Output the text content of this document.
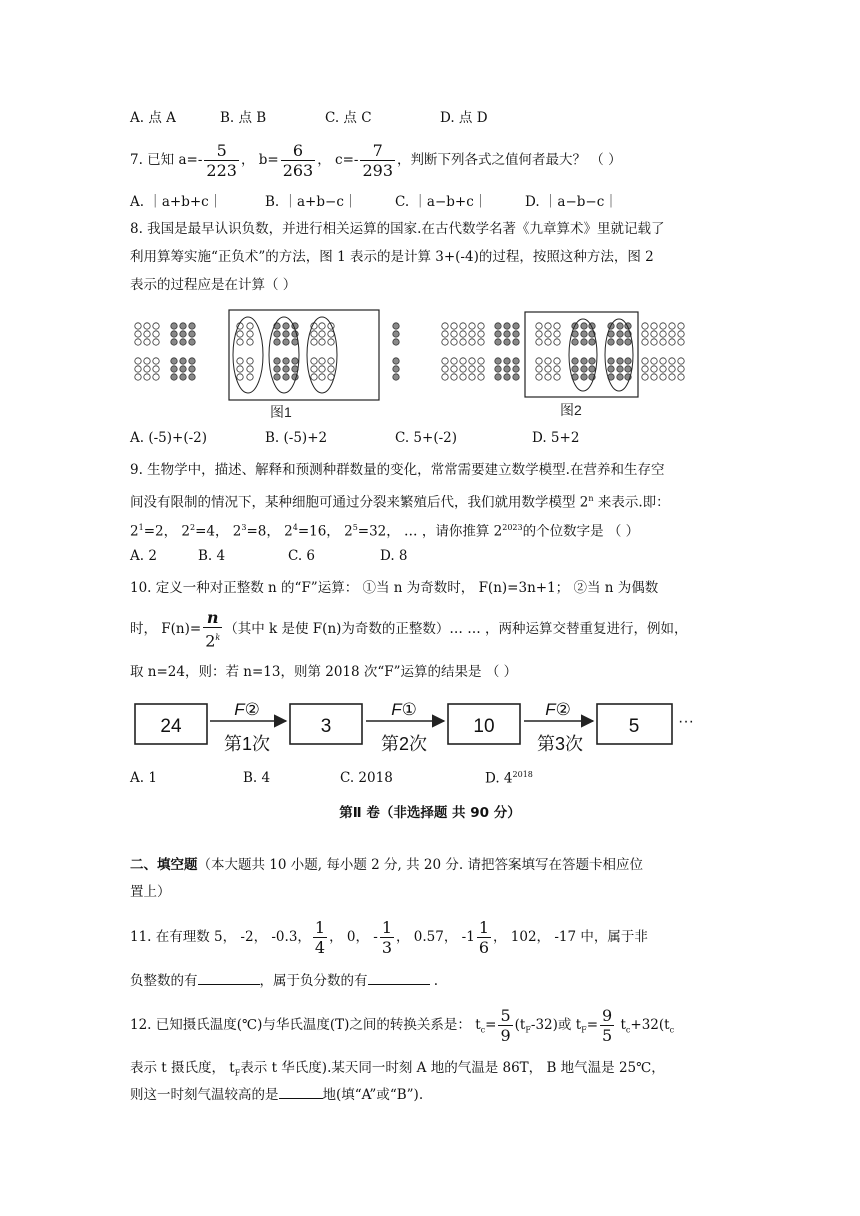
A. 点 A	B. 点 B	C. 点 C	D. 点 D
7. 已知 $a=- \frac{5}{223}$ ， $b= \frac{6}{263}$ ， $c=- \frac{7}{293}$ ，判断下列各式之值何者最大？ （ ）
A. ｜a+b+c｜	B. ｜a+b−c｜	C. ｜a−b+c｜	D. ｜a−b−c｜
8. 我国是最早认识负数，并进行相关运算的国家.在古代数学名著《九章算术》里就记载了
利用算筹实施“正负术”的方法，图 1 表示的是计算 3+(-4)的过程，按照这种方法，图 2
表示的过程应是在计算（ ）
图1	图2
A. (-5)+(-2)	B. (-5)+2	C. 5+(-2)	D. 5+2
9. 生物学中，描述、解释和预测种群数量的变化，常常需要建立数学模型.在营养和生存空
间没有限制的情况下，某种细胞可通过分裂来繁殖后代，我们就用数学模型 2$^n$ 来表示.即：
$2^1=2$， $2^2=4$， $2^3=8$， $2^4=16$， $2^5=32$， … ，请你推算 $2^{2023}$的个位数字是 （ ）
A. 2	B. 4	C. 6	D. 8
10. 定义一种对正整数 n 的“F”运算： ①当 n 为奇数时， F(n)=3n+1； ②当 n 为偶数
时， $F(n)= \frac{n}{2^k}$ （其中 k 是使 F(n)为奇数的正整数）… … ，两种运算交替重复进行，例如，
取 n=24，则：若 n=13，则第 2018 次“F”运算的结果是 （ ）
24	3	10	5
F②	F①	F②
第1次	第2次	第3次
···
A. 1	B. 4	C. 2018	D. $4^{2018}$
第Ⅱ 卷（非选择题 共 90 分）
二、填空题（本大题共 10 小题, 每小题 2 分, 共 20 分. 请把答案填写在答题卡相应位
置上）
11. 在有理数 5， -2， -0.3， $\frac{1}{4}$ ， 0， - $\frac{1}{3}$ ， 0.57， $-1 \frac{1}{6}$ ， 102， -17 中，属于非
负整数的有	，属于负分数的有	.
12. 已知摄氏温度(℃)与华氏温度(T)之间的转换关系是： $t_c= \frac{5}{9} (t_F-32)$或 $t_F= \frac{9}{5} t_c+32(t_c$
表示 t 摄氏度， $t_F$表示 t 华氏度).某天同一时刻 A 地的气温是 86T， B 地气温是 25℃，
则这一时刻气温较高的是	地(填“A”或“B”).
